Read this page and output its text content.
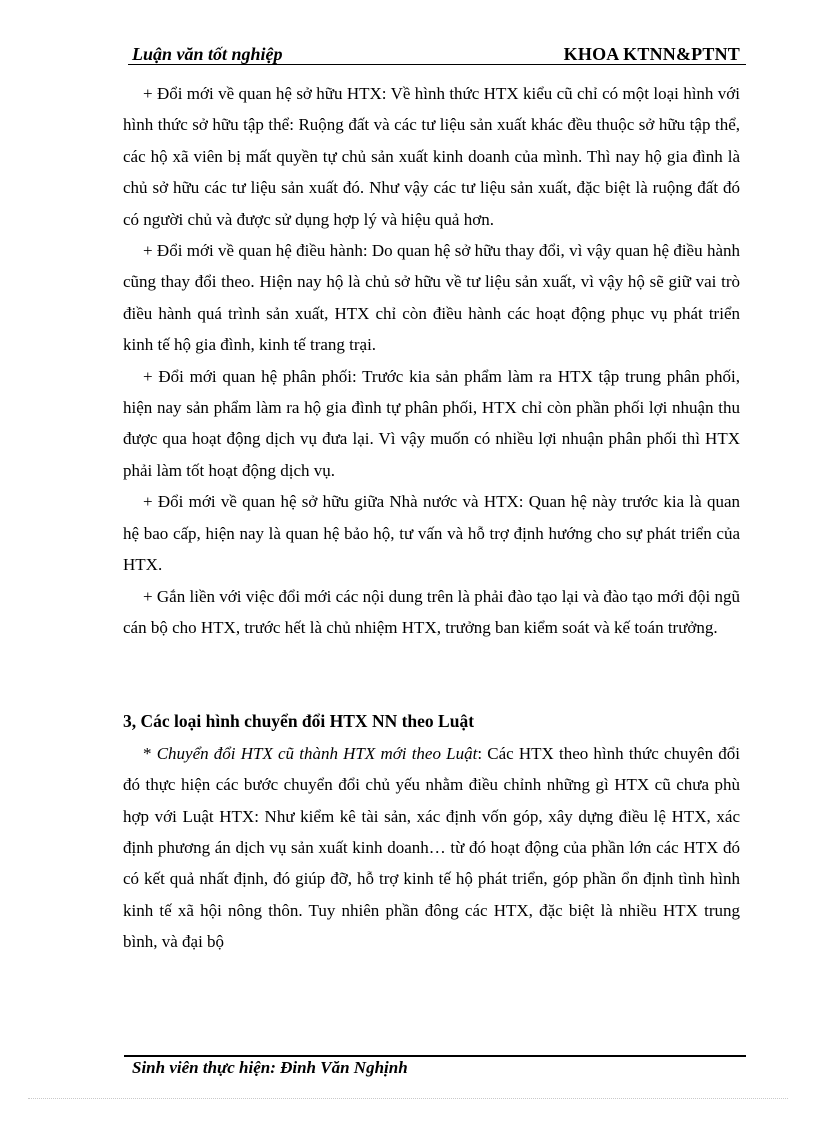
Luận văn tốt nghiệp	KHOA KTNN&PTNT

+ Đổi mới về quan hệ sở hữu HTX: Về hình thức HTX kiểu cũ chỉ có một loại hình với hình thức sở hữu tập thể: Ruộng đất và các tư liệu sản xuất khác đều thuộc sở hữu tập thể, các hộ xã viên bị mất quyền tự chủ sản xuất kinh doanh của mình. Thì nay hộ gia đình là chủ sở hữu các tư liệu sản xuất đó. Như vậy các tư liệu sản xuất, đặc biệt là ruộng đất đó có người chủ và được sử dụng hợp lý và hiệu quả hơn.

+ Đổi mới về quan hệ điều hành: Do quan hệ sở hữu thay đổi, vì vậy quan hệ điều hành cũng thay đổi theo. Hiện nay hộ là chủ sở hữu về tư liệu sản xuất, vì vậy hộ sẽ giữ vai trò điều hành quá trình sản xuất, HTX chỉ còn điều hành các hoạt động phục vụ phát triển kinh tế hộ gia đình, kinh tế trang trại.

+ Đổi mới quan hệ phân phối: Trước kia sản phẩm làm ra HTX tập trung phân phối, hiện nay sản phẩm làm ra hộ gia đình tự phân phối, HTX chỉ còn phần phối lợi nhuận thu được qua hoạt động dịch vụ đưa lại. Vì vậy muốn có nhiều lợi nhuận phân phối thì HTX phải làm tốt hoạt động dịch vụ.

+ Đổi mới về quan hệ sở hữu giữa Nhà nước và HTX: Quan hệ này trước kia là quan hệ bao cấp, hiện nay là quan hệ bảo hộ, tư vấn và hỗ trợ định hướng cho sự phát triển của HTX.

+ Gắn liền với việc đổi mới các nội dung trên là phải đào tạo lại và đào tạo mới đội ngũ cán bộ cho HTX, trước hết là chủ nhiệm HTX, trưởng ban kiểm soát và kế toán trưởng.

3, Các loại hình chuyển đổi HTX NN theo Luật

* Chuyển đổi HTX cũ thành HTX mới theo Luật: Các HTX theo hình thức chuyên đổi đó thực hiện các bước chuyển đổi chủ yếu nhằm điều chỉnh những gì HTX cũ chưa phù hợp với Luật HTX: Như kiểm kê tài sản, xác định vốn góp, xây dựng điều lệ HTX, xác định phương án dịch vụ sản xuất kinh doanh… từ đó hoạt động của phần lớn các HTX đó có kết quả nhất định, đó giúp đỡ, hỗ trợ kinh tế hộ phát triển, góp phần ổn định tình hình kinh tế xã hội nông thôn. Tuy nhiên phần đông các HTX, đặc biệt là nhiều HTX trung bình, và đại bộ

Sinh viên thực hiện: Đinh Văn Nghịnh
